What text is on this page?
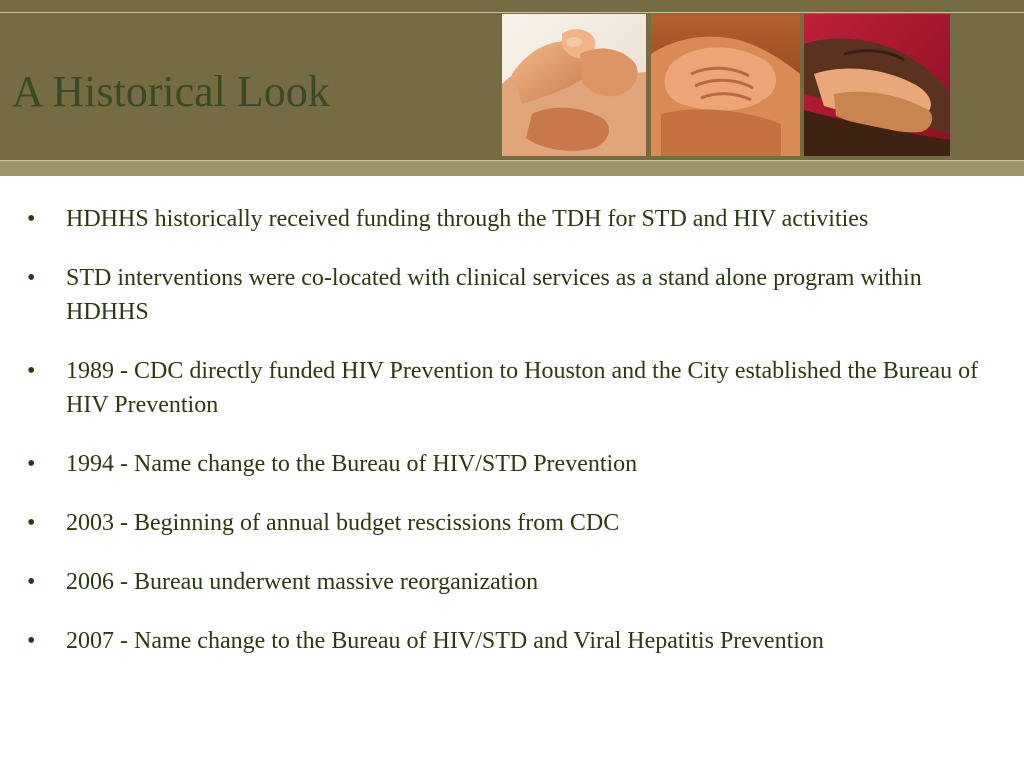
A Historical Look
•	HDHHS historically received funding through the TDH for STD and HIV activities
•	STD interventions were co-located with clinical services as a stand alone program within HDHHS
•	1989 - CDC directly funded HIV Prevention to Houston and the City established the Bureau of HIV Prevention
•	1994 - Name change to the Bureau of HIV/STD Prevention
•	2003 - Beginning of annual budget rescissions from CDC
•	2006 - Bureau underwent massive reorganization
•	2007 - Name change to the Bureau of HIV/STD and Viral Hepatitis Prevention
